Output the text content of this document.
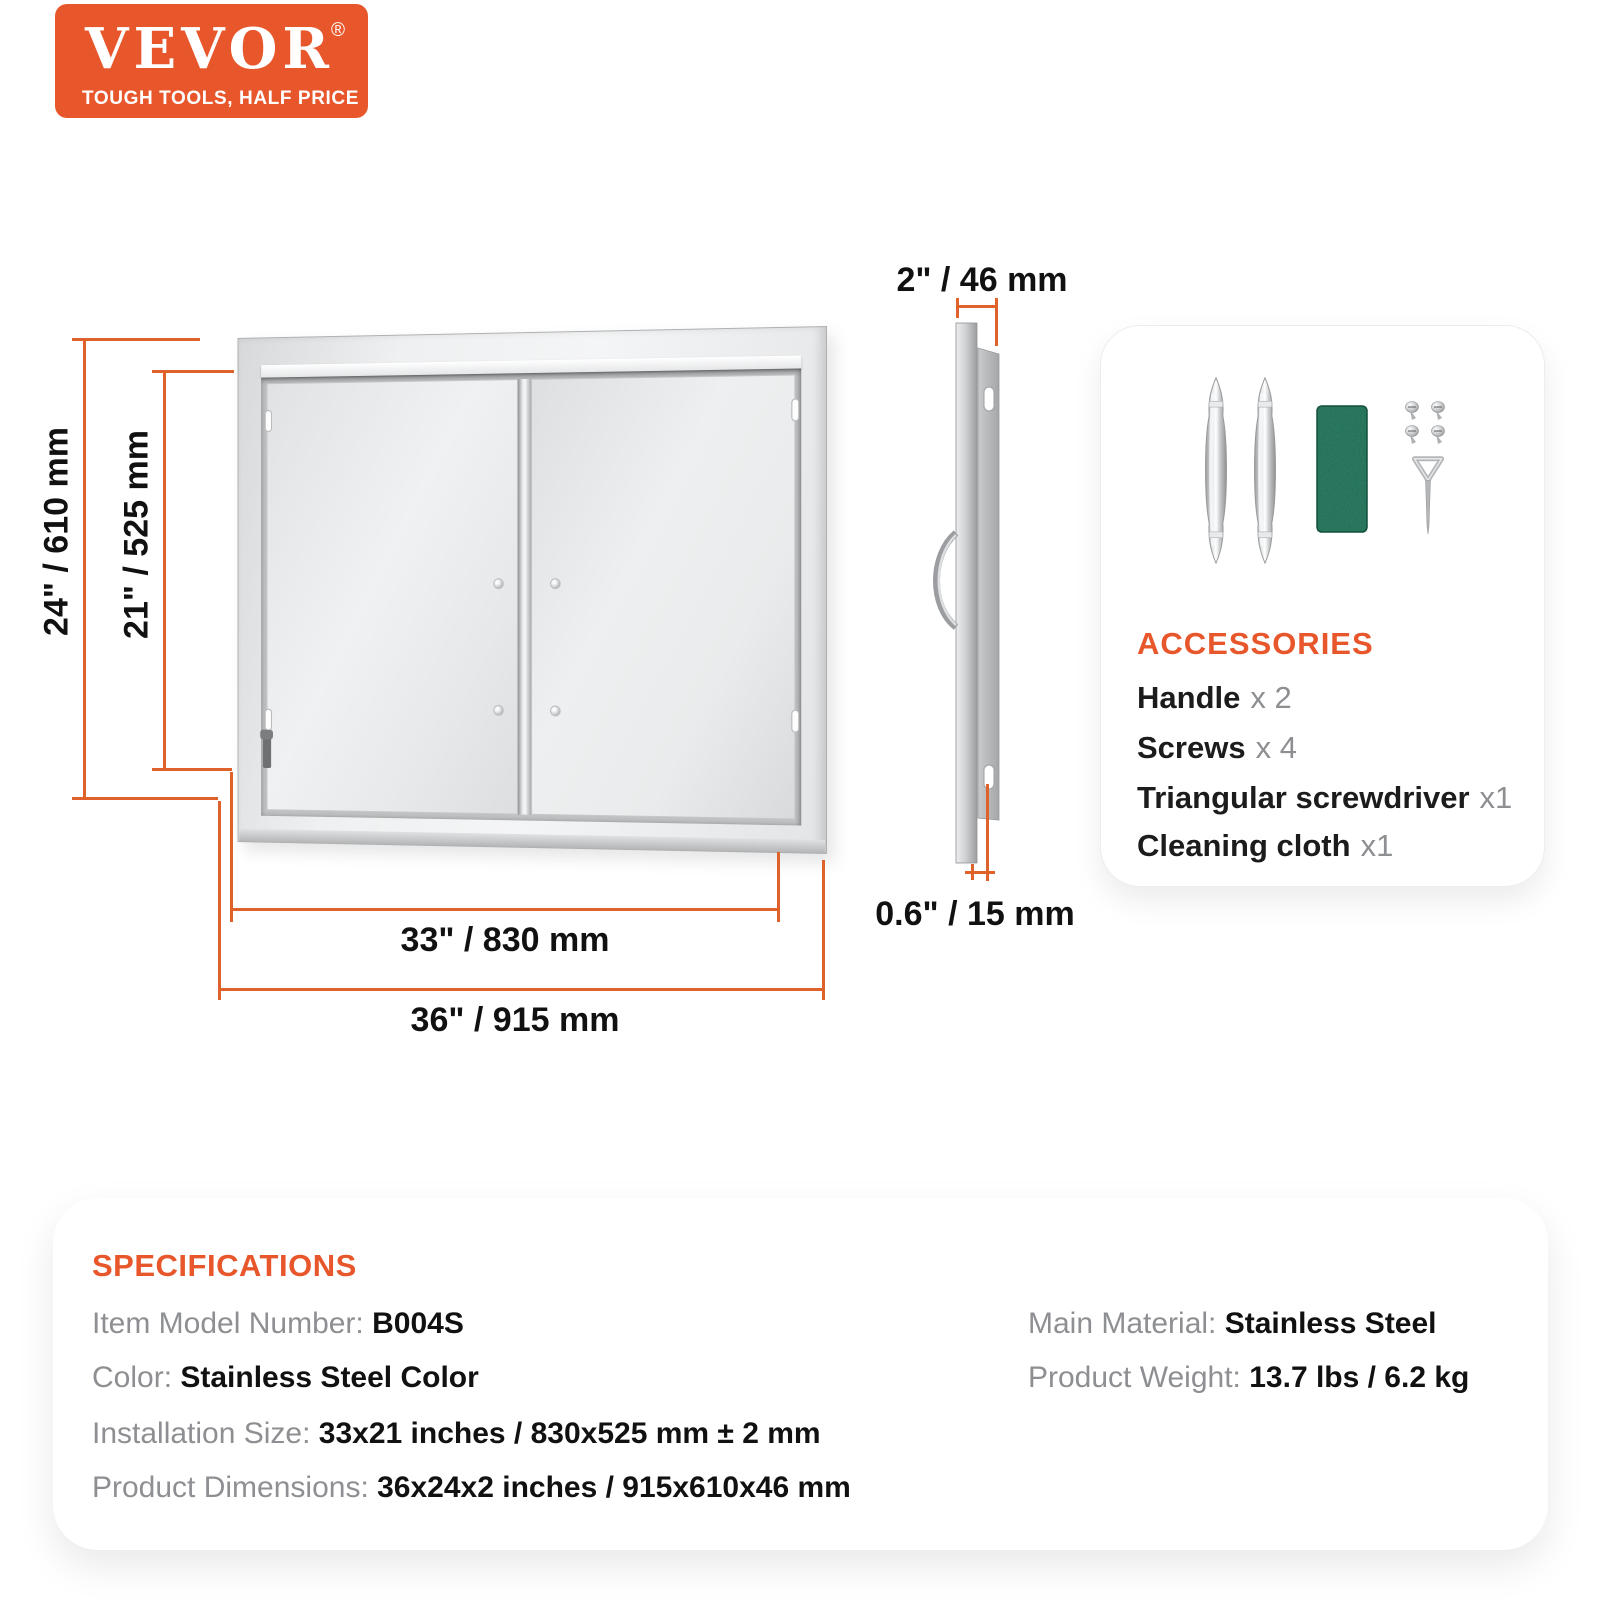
VEVOR
®
TOUGH TOOLS, HALF PRICE
24" / 610 mm 21" / 525 mm
33" / 830 mm
36" / 915 mm
2" / 46 mm
0.6" / 15 mm
ACCESSORIES
Handle x 2
Screws x 4
Triangular screwdriver x1
Cleaning cloth x1
SPECIFICATIONS
Item Model Number: B004S
Color: Stainless Steel Color
Installation Size: 33x21 inches / 830x525 mm ± 2 mm
Product Dimensions: 36x24x2 inches / 915x610x46 mm
Main Material: Stainless Steel
Product Weight: 13.7 lbs / 6.2 kg
